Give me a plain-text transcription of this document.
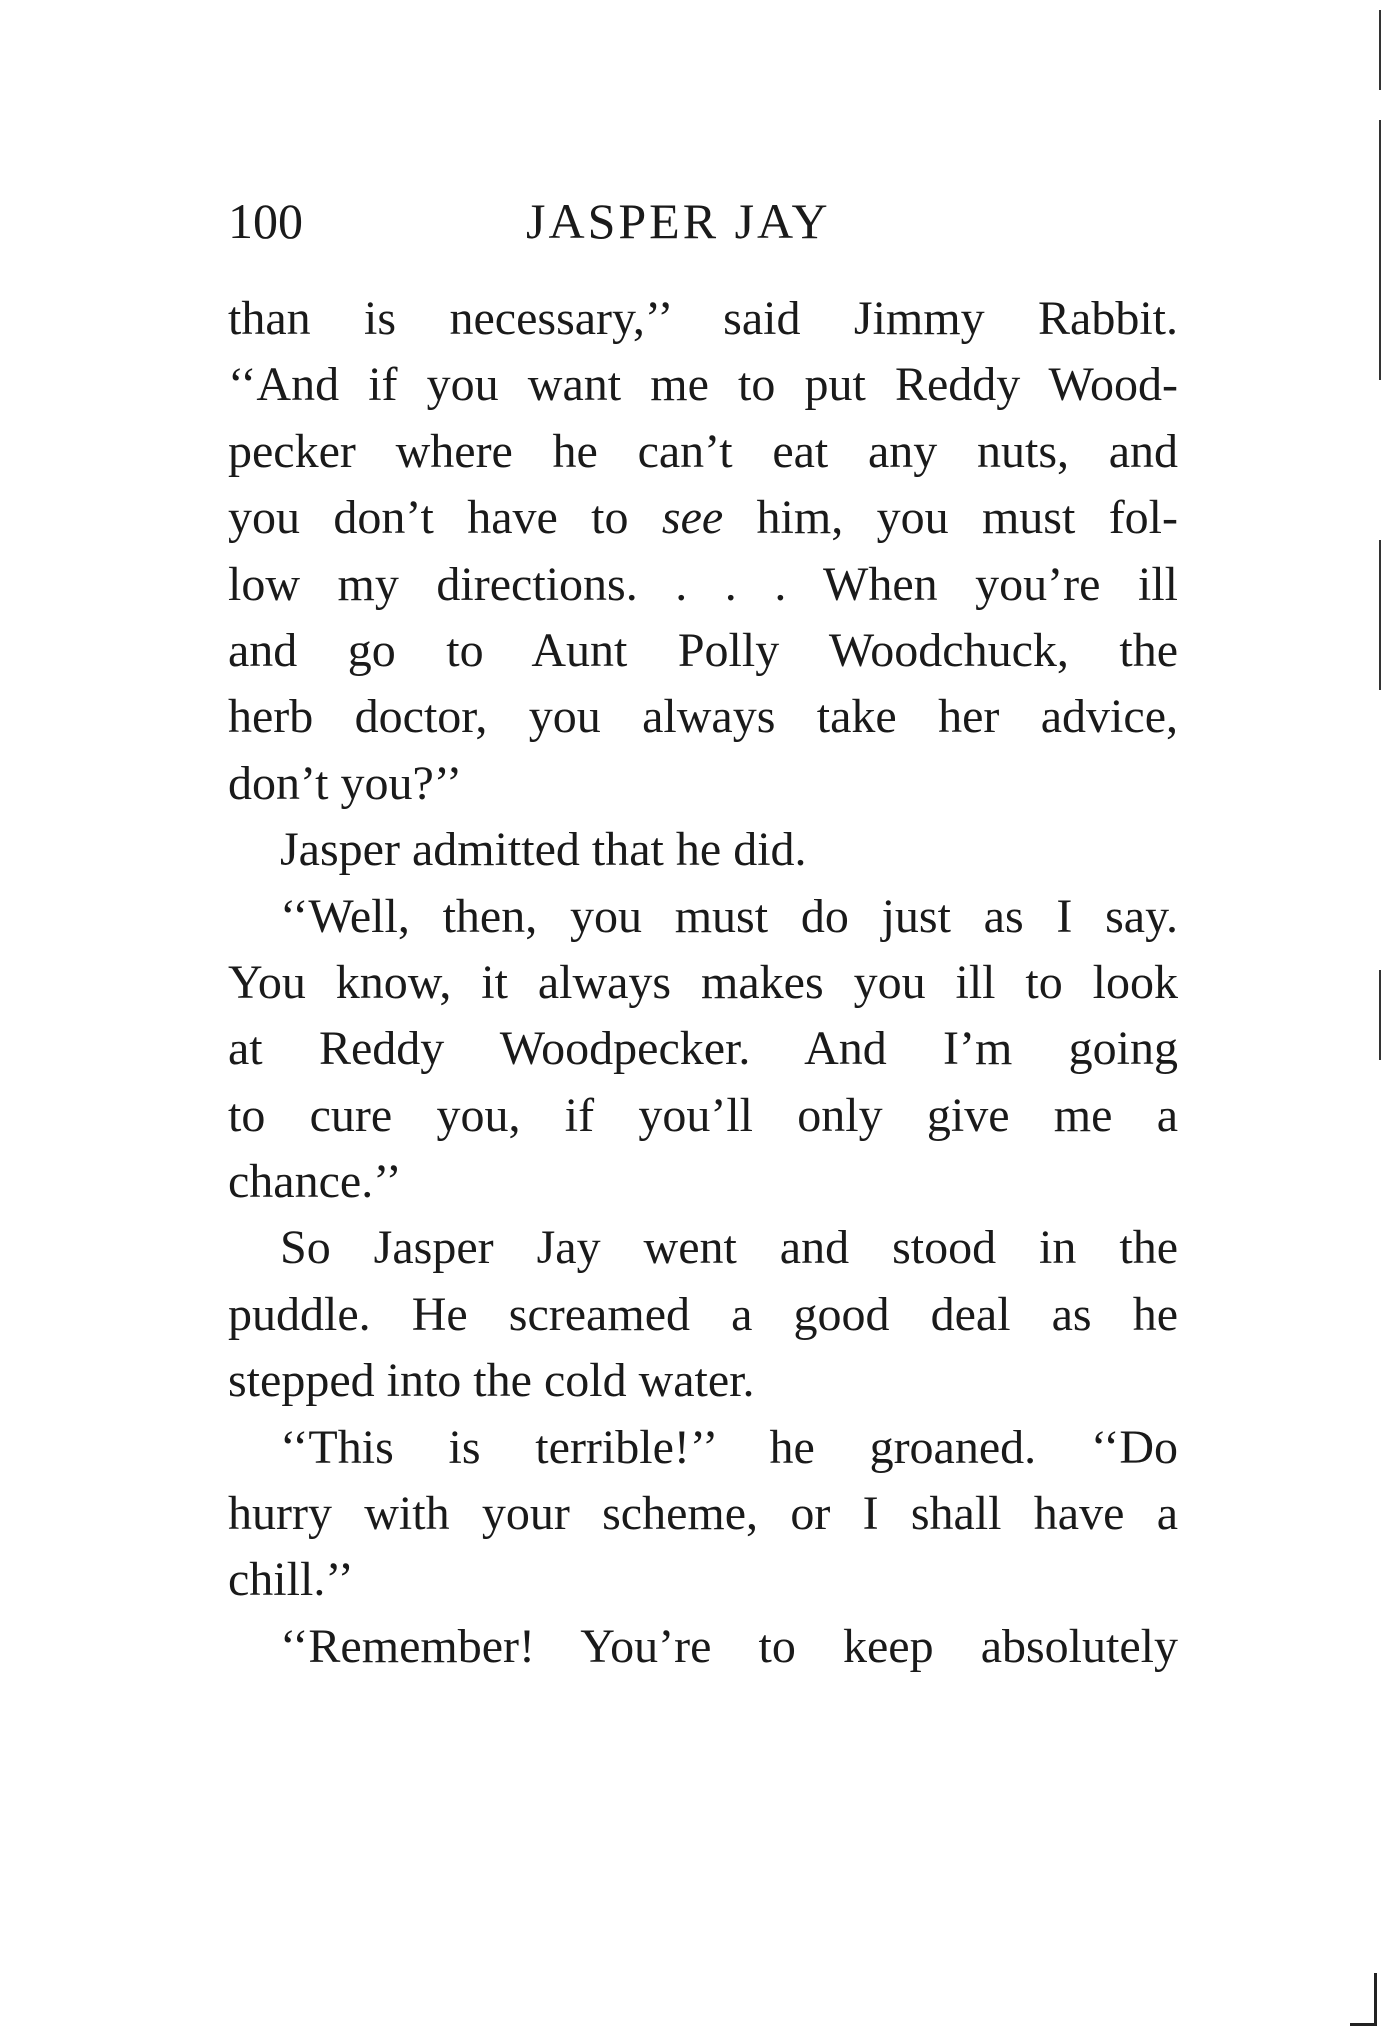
100	JASPER JAY
than is necessary,’’ said Jimmy Rabbit.
‘‘And if you want me to put Reddy Wood-
pecker where he can’t eat any nuts, and
you don’t have to see him, you must fol-
low my directions. . . . When you’re ill
and go to Aunt Polly Woodchuck, the
herb doctor, you always take her advice,
don’t you?’’
Jasper admitted that he did.
‘‘Well, then, you must do just as I say.
You know, it always makes you ill to look
at Reddy Woodpecker. And I’m going
to cure you, if you’ll only give me a
chance.’’
So Jasper Jay went and stood in the
puddle. He screamed a good deal as he
stepped into the cold water.
‘‘This is terrible!’’ he groaned. ‘‘Do
hurry with your scheme, or I shall have a
chill.’’
‘‘Remember! You’re to keep absolutely
